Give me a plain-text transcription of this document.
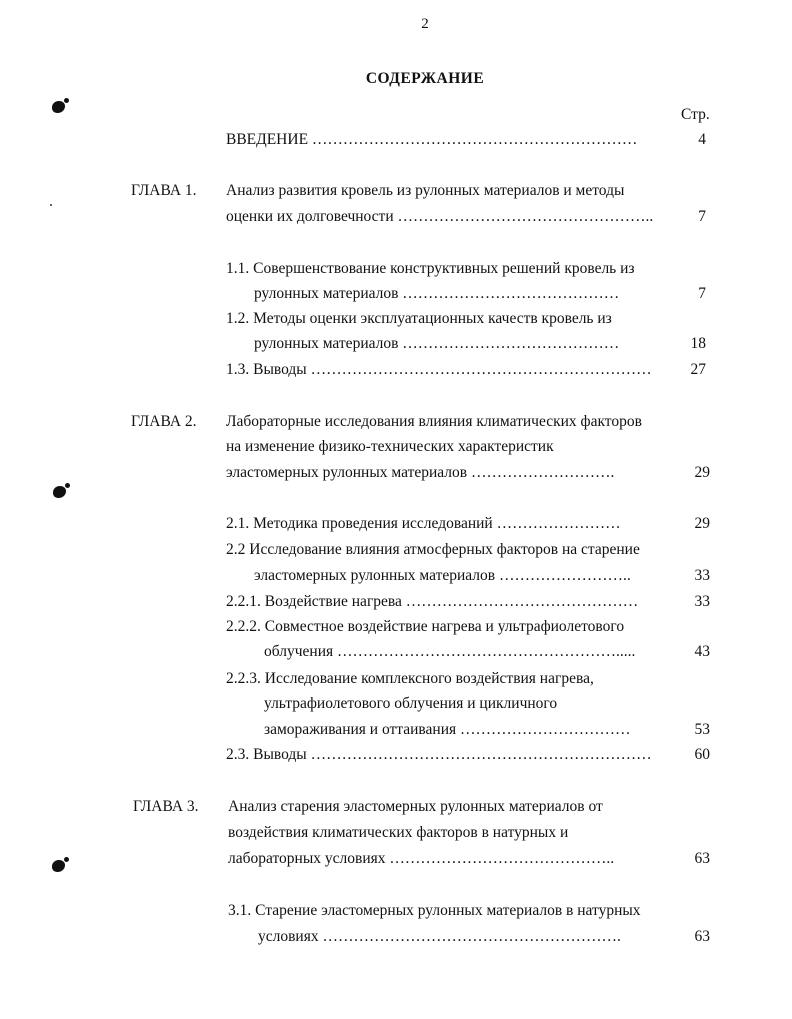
2
СОДЕРЖАНИЕ
Стр.
ВВЕДЕНИЕ ………………………………………………………	4
ГЛАВА 1. Анализ развития кровель из рулонных материалов и методы
оценки их долговечности …………………………………………..	7
1.1. Совершенствование конструктивных решений кровель из
рулонных материалов ……………………………………	7
1.2. Методы оценки эксплуатационных качеств кровель из
рулонных материалов ……………………………………	18
1.3. Выводы …………………………………………………………	27
ГЛАВА 2. Лабораторные исследования влияния климатических факторов
на изменение физико-технических характеристик
эластомерных рулонных материалов ……………………….	29
2.1. Методика проведения исследований ……………………	29
2.2 Исследование влияния атмосферных факторов на старение
эластомерных рулонных материалов ……………………..	33
2.2.1. Воздействие нагрева ………………………………………	33
2.2.2. Совместное воздействие нагрева и ультрафиолетового
облучения ……………………………………………….....	43
2.2.3. Исследование комплексного воздействия нагрева,
ультрафиолетового облучения и цикличного
замораживания и оттаивания ……………………………	53
2.3. Выводы …………………………………………………………	60
ГЛАВА 3. Анализ старения эластомерных рулонных материалов от
воздействия климатических факторов в натурных и
лабораторных условиях ……………………………………..	63
3.1. Старение эластомерных рулонных материалов в натурных
условиях ………………………………………………….	63
